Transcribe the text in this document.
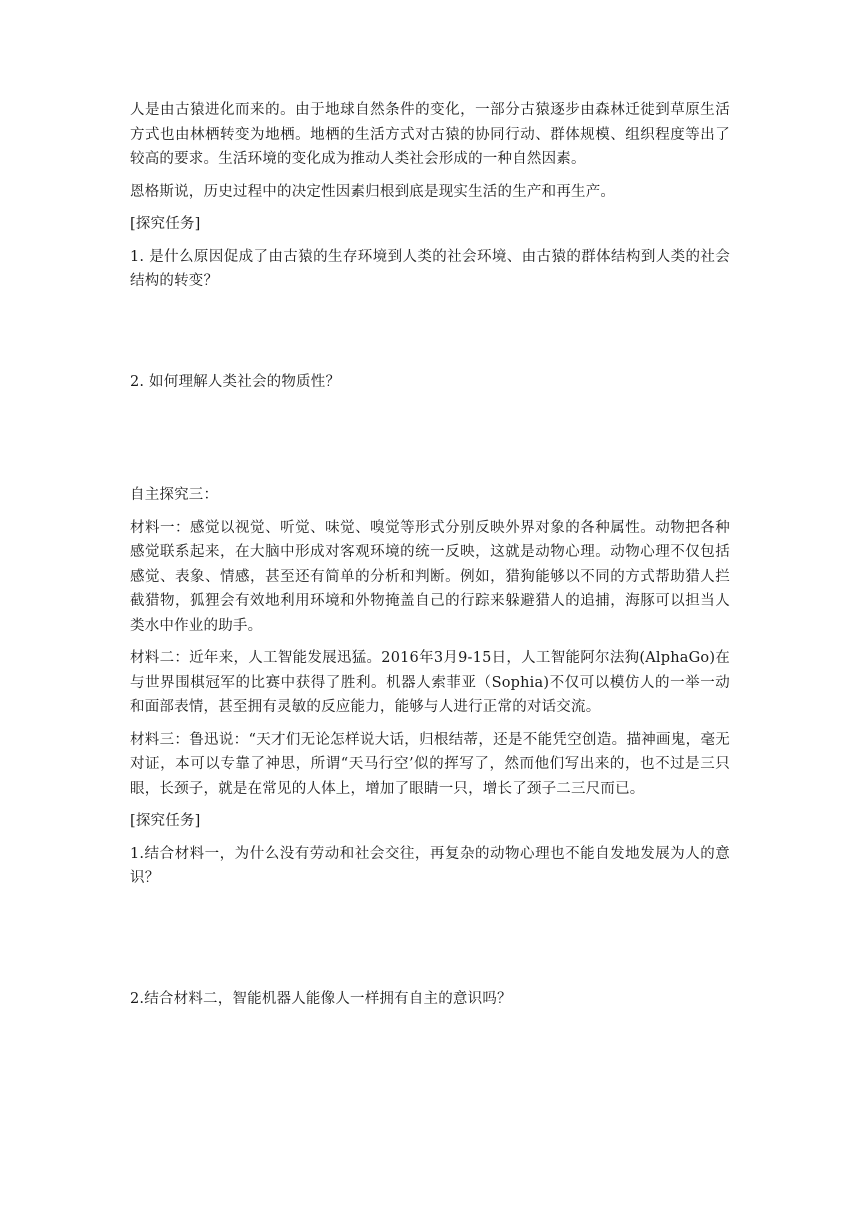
人是由古猿进化而来的。由于地球自然条件的变化，一部分古猿逐步由森林迁徙到草原生活方式也由林栖转变为地栖。地栖的生活方式对古猿的协同行动、群体规模、组织程度等出了较高的要求。生活环境的变化成为推动人类社会形成的一种自然因素。

恩格斯说，历史过程中的决定性因素归根到底是现实生活的生产和再生产。

[探究任务]

1. 是什么原因促成了由古猿的生存环境到人类的社会环境、由古猿的群体结构到人类的社会结构的转变？

2. 如何理解人类社会的物质性？

自主探究三：

材料一：感觉以视觉、听觉、味觉、嗅觉等形式分别反映外界对象的各种属性。动物把各种感觉联系起来，在大脑中形成对客观环境的统一反映，这就是动物心理。动物心理不仅包括感觉、表象、情感，甚至还有简单的分析和判断。例如，猎狗能够以不同的方式帮助猎人拦截猎物，狐狸会有效地利用环境和外物掩盖自己的行踪来躲避猎人的追捕，海豚可以担当人类水中作业的助手。

材料二：近年来，人工智能发展迅猛。2016年3月9-15日，人工智能阿尔法狗(AlphaGo)在与世界围棋冠军的比赛中获得了胜利。机器人索菲亚（Sophia)不仅可以模仿人的一举一动和面部表情，甚至拥有灵敏的反应能力，能够与人进行正常的对话交流。

材料三：鲁迅说：“天才们无论怎样说大话，归根结蒂，还是不能凭空创造。描神画鬼，毫无对证，本可以专靠了神思，所谓“天马行空’似的挥写了，然而他们写出来的，也不过是三只眼，长颈子，就是在常见的人体上，增加了眼睛一只，增长了颈子二三尺而已。

[探究任务]

1.结合材料一，为什么没有劳动和社会交往，再复杂的动物心理也不能自发地发展为人的意识？

2.结合材料二，智能机器人能像人一样拥有自主的意识吗？
